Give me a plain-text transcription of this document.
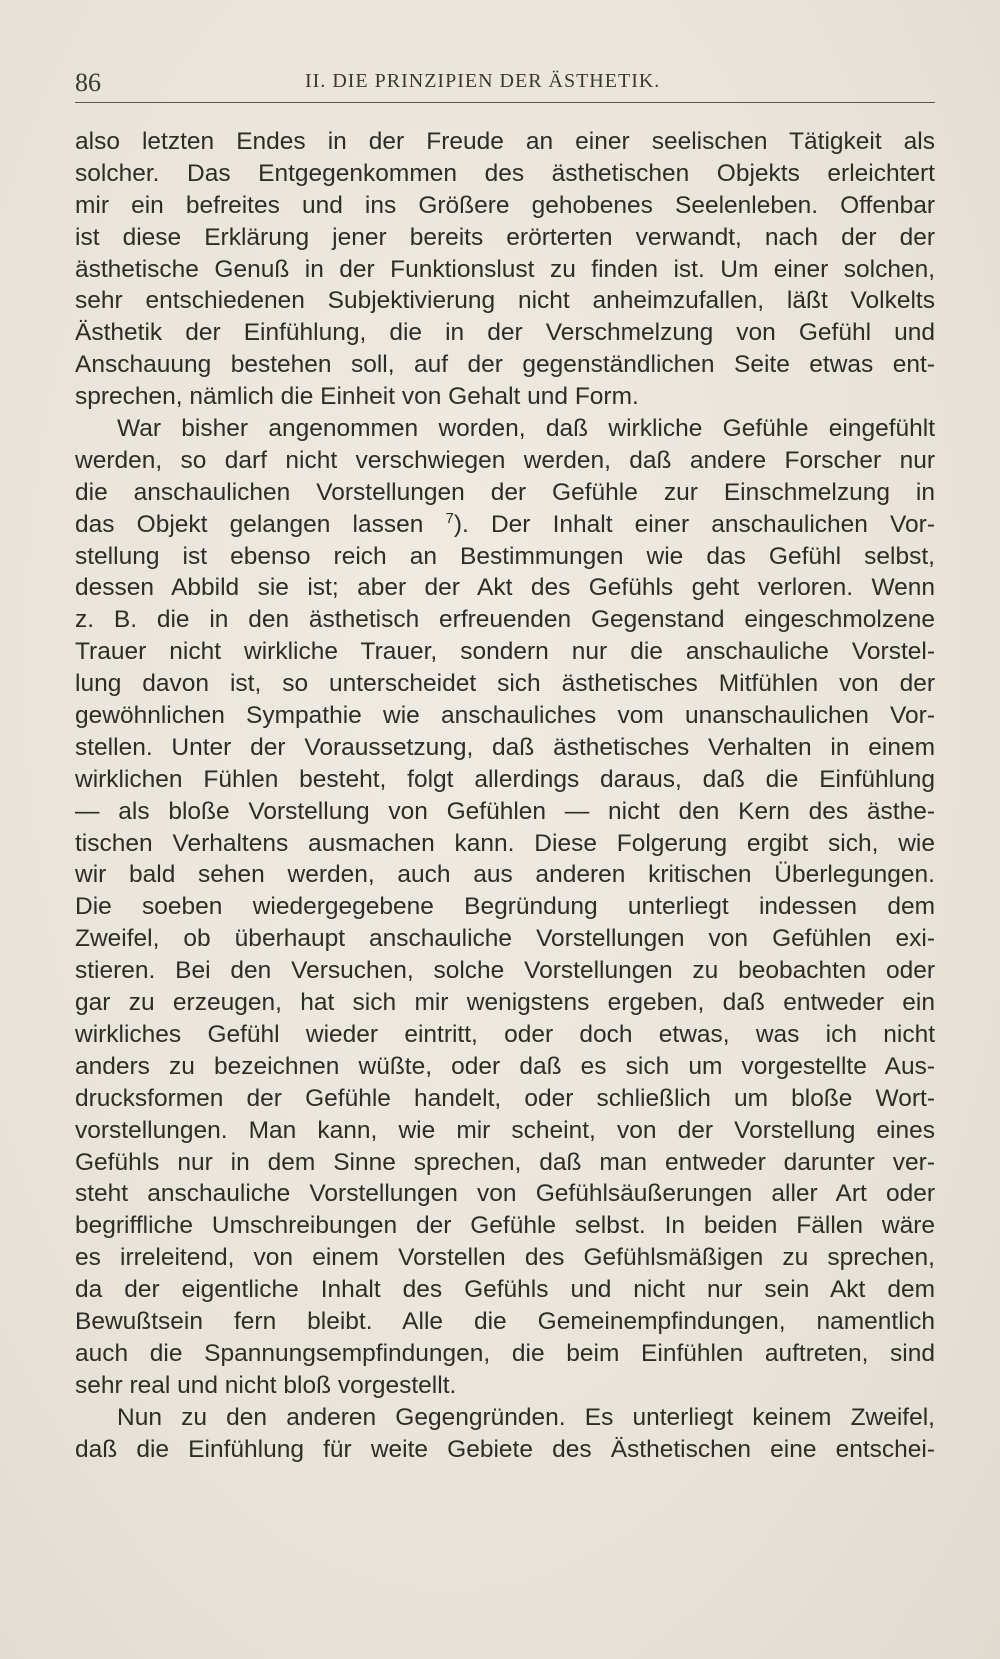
86	II. DIE PRINZIPIEN DER ÄSTHETIK.
also letzten Endes in der Freude an einer seelischen Tätigkeit als
solcher. Das Entgegenkommen des ästhetischen Objekts erleichtert
mir ein befreites und ins Größere gehobenes Seelenleben. Offenbar
ist diese Erklärung jener bereits erörterten verwandt, nach der der
ästhetische Genuß in der Funktionslust zu finden ist. Um einer solchen,
sehr entschiedenen Subjektivierung nicht anheimzufallen, läßt Volkelts
Ästhetik der Einfühlung, die in der Verschmelzung von Gefühl und
Anschauung bestehen soll, auf der gegenständlichen Seite etwas ent-
sprechen, nämlich die Einheit von Gehalt und Form.
War bisher angenommen worden, daß wirkliche Gefühle eingefühlt
werden, so darf nicht verschwiegen werden, daß andere Forscher nur
die anschaulichen Vorstellungen der Gefühle zur Einschmelzung in
das Objekt gelangen lassen $^7$). Der Inhalt einer anschaulichen Vor-
stellung ist ebenso reich an Bestimmungen wie das Gefühl selbst,
dessen Abbild sie ist; aber der Akt des Gefühls geht verloren. Wenn
z. B. die in den ästhetisch erfreuenden Gegenstand eingeschmolzene
Trauer nicht wirkliche Trauer, sondern nur die anschauliche Vorstel-
lung davon ist, so unterscheidet sich ästhetisches Mitfühlen von der
gewöhnlichen Sympathie wie anschauliches vom unanschaulichen Vor-
stellen. Unter der Voraussetzung, daß ästhetisches Verhalten in einem
wirklichen Fühlen besteht, folgt allerdings daraus, daß die Einfühlung
— als bloße Vorstellung von Gefühlen — nicht den Kern des ästhe-
tischen Verhaltens ausmachen kann. Diese Folgerung ergibt sich, wie
wir bald sehen werden, auch aus anderen kritischen Überlegungen.
Die soeben wiedergegebene Begründung unterliegt indessen dem
Zweifel, ob überhaupt anschauliche Vorstellungen von Gefühlen exi-
stieren. Bei den Versuchen, solche Vorstellungen zu beobachten oder
gar zu erzeugen, hat sich mir wenigstens ergeben, daß entweder ein
wirkliches Gefühl wieder eintritt, oder doch etwas, was ich nicht
anders zu bezeichnen wüßte, oder daß es sich um vorgestellte Aus-
drucksformen der Gefühle handelt, oder schließlich um bloße Wort-
vorstellungen. Man kann, wie mir scheint, von der Vorstellung eines
Gefühls nur in dem Sinne sprechen, daß man entweder darunter ver-
steht anschauliche Vorstellungen von Gefühlsäußerungen aller Art oder
begriffliche Umschreibungen der Gefühle selbst. In beiden Fällen wäre
es irreleitend, von einem Vorstellen des Gefühlsmäßigen zu sprechen,
da der eigentliche Inhalt des Gefühls und nicht nur sein Akt dem
Bewußtsein fern bleibt. Alle die Gemeinempfindungen, namentlich
auch die Spannungsempfindungen, die beim Einfühlen auftreten, sind
sehr real und nicht bloß vorgestellt.
Nun zu den anderen Gegengründen. Es unterliegt keinem Zweifel,
daß die Einfühlung für weite Gebiete des Ästhetischen eine entschei-
